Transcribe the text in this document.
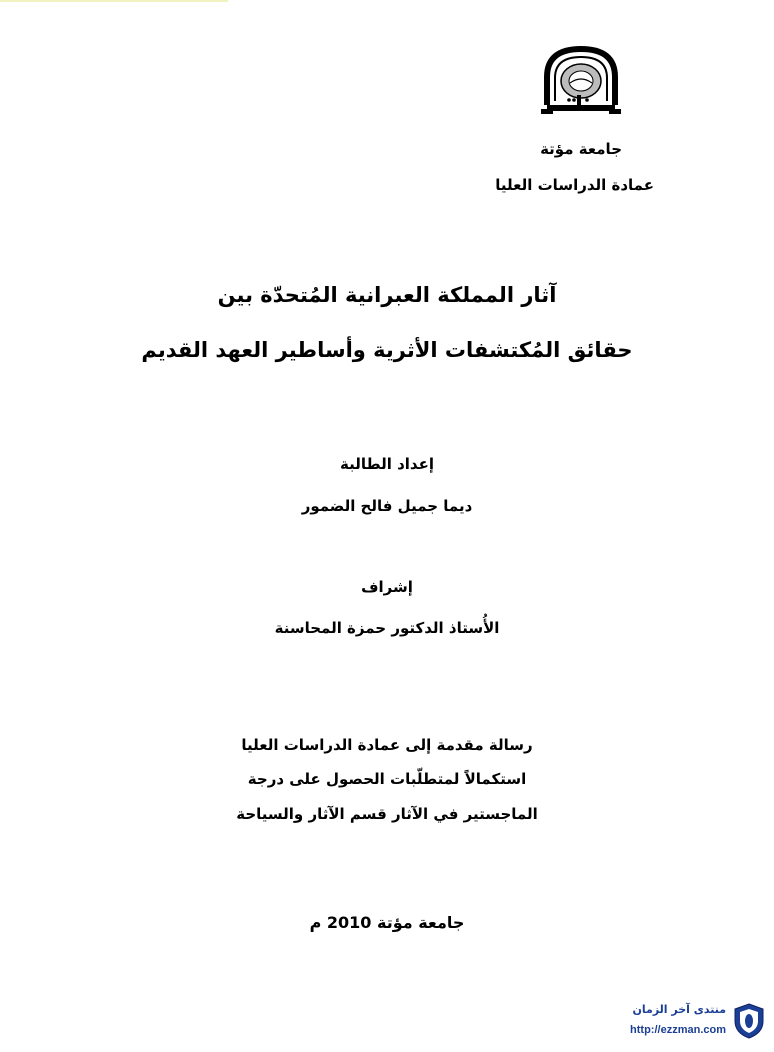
جامعة مؤتة
عمادة الدراسات العليا
آثار المملكة العبرانية المُتحدّة بين
حقائق المُكتشفات الأثرية وأساطير العهد القديم
إعداد الطالبة
ديما جميل فالح الضمور
إشراف
الأُستاذ الدكتور حمزة المحاسنة
رسالة مقدمة إلى عمادة الدراسات العليا
استكمالاً لمتطلّبات الحصول على درجة
الماجستير في الآثار قسم الآثار والسياحة
جامعة مؤتة 2010 م
منتدى آخر الزمان
http://ezzman.com
